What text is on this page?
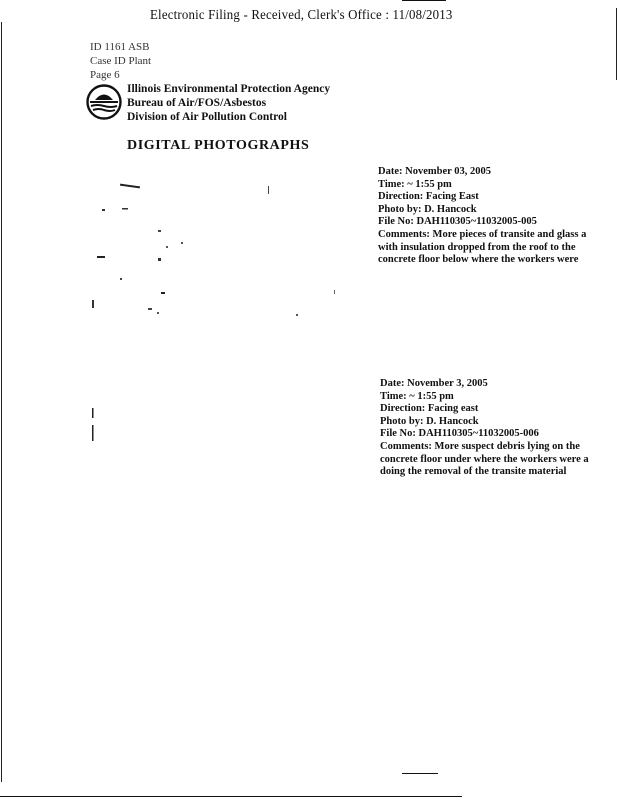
Electronic Filing - Received, Clerk's Office : 11/08/2013
ID 1161 ASB
Case ID Plant
Page 6
Illinois Environmental Protection Agency
Bureau of Air/FOS/Asbestos
Division of Air Pollution Control
DIGITAL PHOTOGRAPHS
Date: November 03, 2005
Time: ~ 1:55 pm
Direction: Facing East
Photo by: D. Hancock
File No: DAH110305~11032005-005
Comments: More pieces of transite and glass a
with insulation dropped from the roof to the
concrete floor below where the workers were
Date: November 3, 2005
Time: ~ 1:55 pm
Direction: Facing east
Photo by: D. Hancock
File No: DAH110305~11032005-006
Comments: More suspect debris lying on the
concrete floor under where the workers were a
doing the removal of the transite material
